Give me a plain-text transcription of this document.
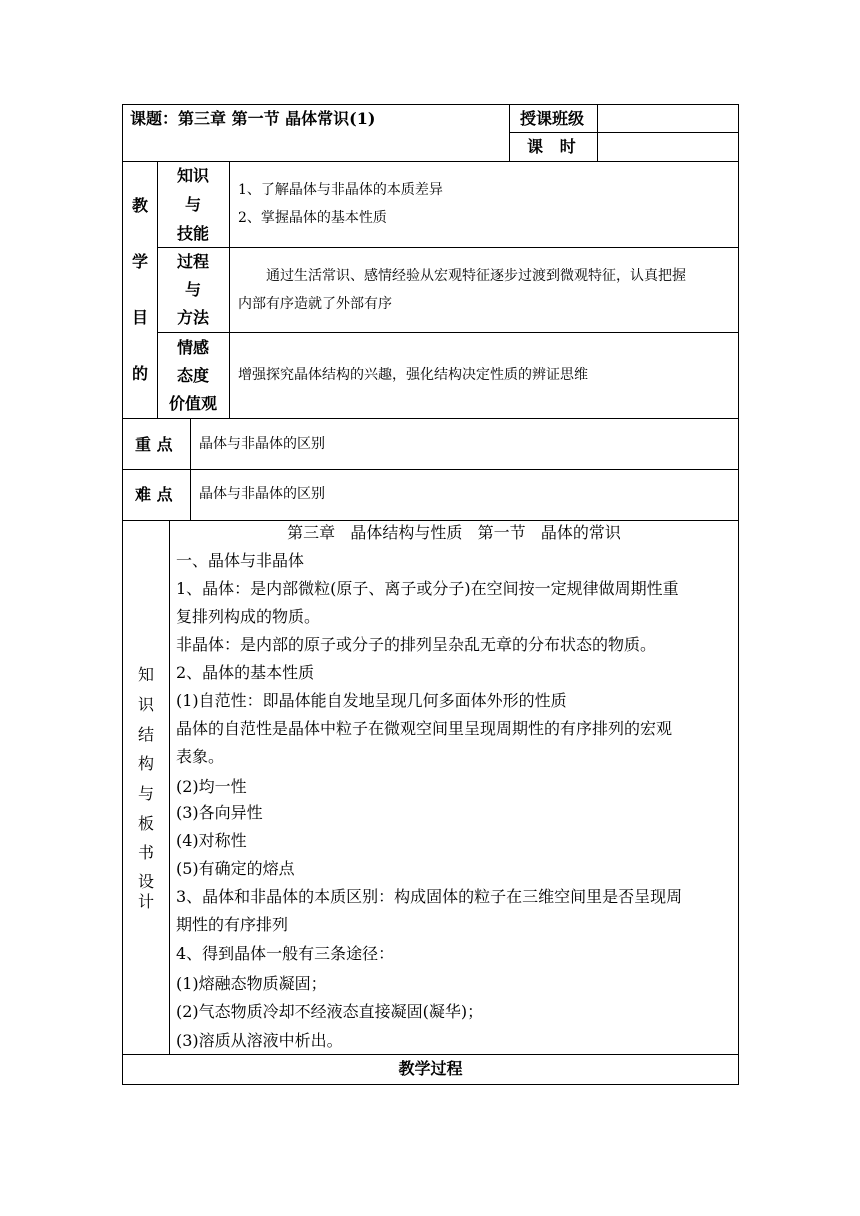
课题：第三章 第一节 晶体常识(1)	授课班级
课   时
教
学
目
的
知识
与
技能
1、了解晶体与非晶体的本质差异
2、掌握晶体的基本性质
过程
与
方法
通过生活常识、感情经验从宏观特征逐步过渡到微观特征，认真把握
内部有序造就了外部有序
情感
态度
价值观
增强探究晶体结构的兴趣，强化结构决定性质的辨证思维
重 点 晶体与非晶体的区别
难 点 晶体与非晶体的区别
知
识
结
构
与
板
书
设
计
第三章   晶体结构与性质   第一节   晶体的常识
一、晶体与非晶体
1、晶体：是内部微粒(原子、离子或分子)在空间按一定规律做周期性重
复排列构成的物质。
非晶体：是内部的原子或分子的排列呈杂乱无章的分布状态的物质。
2、晶体的基本性质
(1)自范性：即晶体能自发地呈现几何多面体外形的性质
晶体的自范性是晶体中粒子在微观空间里呈现周期性的有序排列的宏观
表象。
(2)均一性
(3)各向异性
(4)对称性
(5)有确定的熔点
3、晶体和非晶体的本质区别：构成固体的粒子在三维空间里是否呈现周
期性的有序排列
4、得到晶体一般有三条途径：
(1)熔融态物质凝固；
(2)气态物质冷却不经液态直接凝固(凝华)；
(3)溶质从溶液中析出。
教学过程
